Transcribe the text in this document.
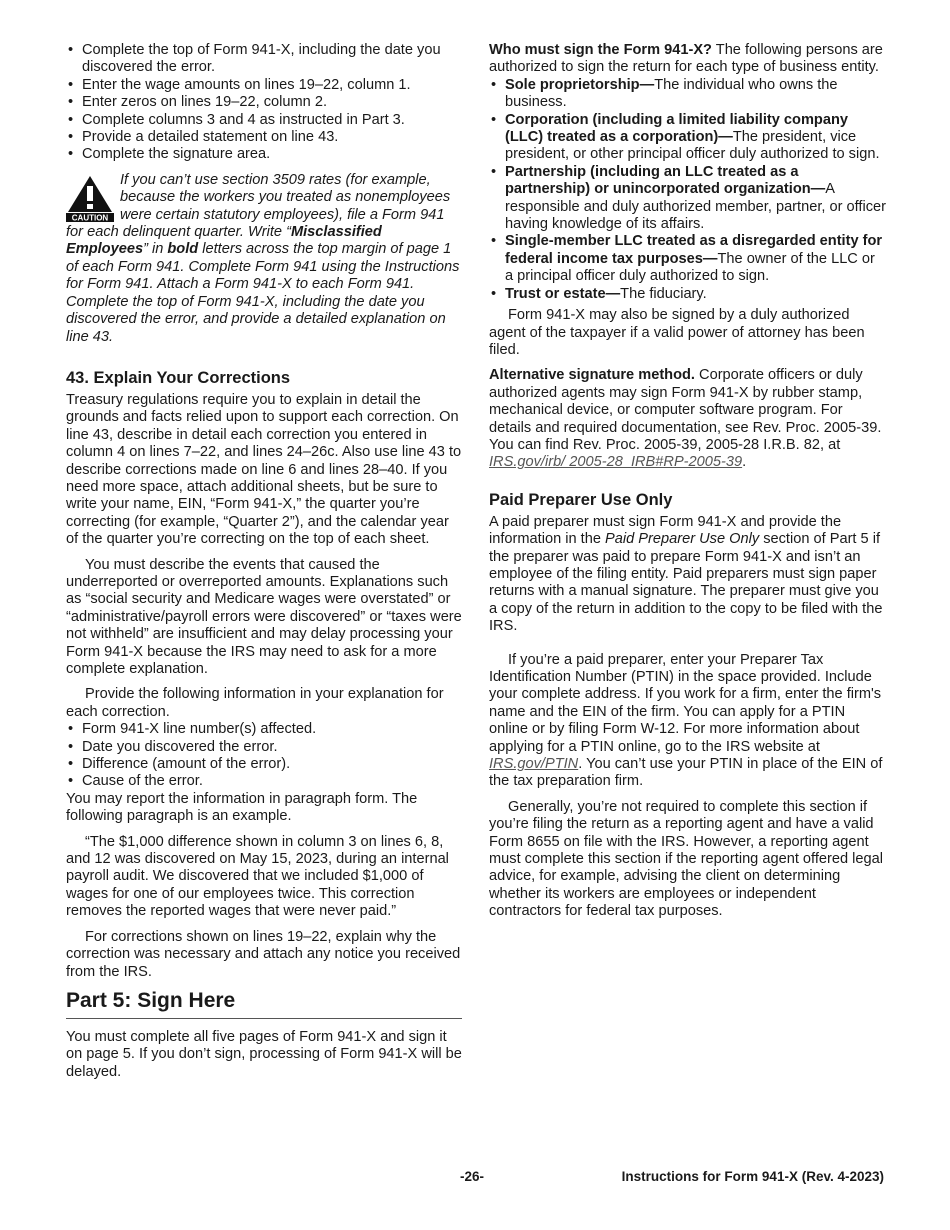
• Complete the top of Form 941-X, including the date you discovered the error.
• Enter the wage amounts on lines 19–22, column 1.
• Enter zeros on lines 19–22, column 2.
• Complete columns 3 and 4 as instructed in Part 3.
• Provide a detailed statement on line 43.
• Complete the signature area.
CAUTION
If you can’t use section 3509 rates (for example, because the workers you treated as nonemployees were certain statutory employees), file a Form 941 for each delinquent quarter. Write “Misclassified Employees” in bold letters across the top margin of page 1 of each Form 941. Complete Form 941 using the Instructions for Form 941. Attach a Form 941-X to each Form 941. Complete the top of Form 941-X, including the date you discovered the error, and provide a detailed explanation on line 43.
43. Explain Your Corrections

Treasury regulations require you to explain in detail the grounds and facts relied upon to support each correction. On line 43, describe in detail each correction you entered in column 4 on lines 7–22, and lines 24–26c. Also use line 43 to describe corrections made on line 6 and lines 28–40. If you need more space, attach additional sheets, but be sure to write your name, EIN, “Form 941-X,” the quarter you’re correcting (for example, “Quarter 2”), and the calendar year of the quarter you’re correcting on the top of each sheet.

You must describe the events that caused the underreported or overreported amounts. Explanations such as “social security and Medicare wages were overstated” or “administrative/payroll errors were discovered” or “taxes were not withheld” are insufficient and may delay processing your Form 941-X because the IRS may need to ask for a more complete explanation.

Provide the following information in your explanation for each correction.

• Form 941-X line number(s) affected.
• Date you discovered the error.
• Difference (amount of the error).
• Cause of the error.

You may report the information in paragraph form. The following paragraph is an example.

“The $1,000 difference shown in column 3 on lines 6, 8, and 12 was discovered on May 15, 2023, during an internal payroll audit. We discovered that we included $1,000 of wages for one of our employees twice. This correction removes the reported wages that were never paid.”

For corrections shown on lines 19–22, explain why the correction was necessary and attach any notice you received from the IRS.

Part 5: Sign Here

You must complete all five pages of Form 941-X and sign it on page 5. If you don’t sign, processing of Form 941-X will be delayed.

Who must sign the Form 941-X? The following persons are authorized to sign the return for each type of business entity.

• Sole proprietorship—The individual who owns the business.
• Corporation (including a limited liability company (LLC) treated as a corporation)—The president, vice president, or other principal officer duly authorized to sign.
• Partnership (including an LLC treated as a partnership) or unincorporated organization—A responsible and duly authorized member, partner, or officer having knowledge of its affairs.
• Single-member LLC treated as a disregarded entity for federal income tax purposes—The owner of the LLC or a principal officer duly authorized to sign.
• Trust or estate—The fiduciary.

Form 941-X may also be signed by a duly authorized agent of the taxpayer if a valid power of attorney has been filed.

Alternative signature method. Corporate officers or duly authorized agents may sign Form 941-X by rubber stamp, mechanical device, or computer software program. For details and required documentation, see Rev. Proc. 2005-39. You can find Rev. Proc. 2005-39, 2005-28 I.R.B. 82, at IRS.gov/irb/ 2005-28_IRB#RP-2005-39.

Paid Preparer Use Only

A paid preparer must sign Form 941-X and provide the information in the Paid Preparer Use Only section of Part 5 if the preparer was paid to prepare Form 941-X and isn’t an employee of the filing entity. Paid preparers must sign paper returns with a manual signature. The preparer must give you a copy of the return in addition to the copy to be filed with the IRS.

If you’re a paid preparer, enter your Preparer Tax Identification Number (PTIN) in the space provided. Include your complete address. If you work for a firm, enter the firm's name and the EIN of the firm. You can apply for a PTIN online or by filing Form W-12. For more information about applying for a PTIN online, go to the IRS website at IRS.gov/PTIN. You can’t use your PTIN in place of the EIN of the tax preparation firm.

Generally, you’re not required to complete this section if you’re filing the return as a reporting agent and have a valid Form 8655 on file with the IRS. However, a reporting agent must complete this section if the reporting agent offered legal advice, for example, advising the client on determining whether its workers are employees or independent contractors for federal tax purposes.

-26-	Instructions for Form 941-X (Rev. 4-2023)
